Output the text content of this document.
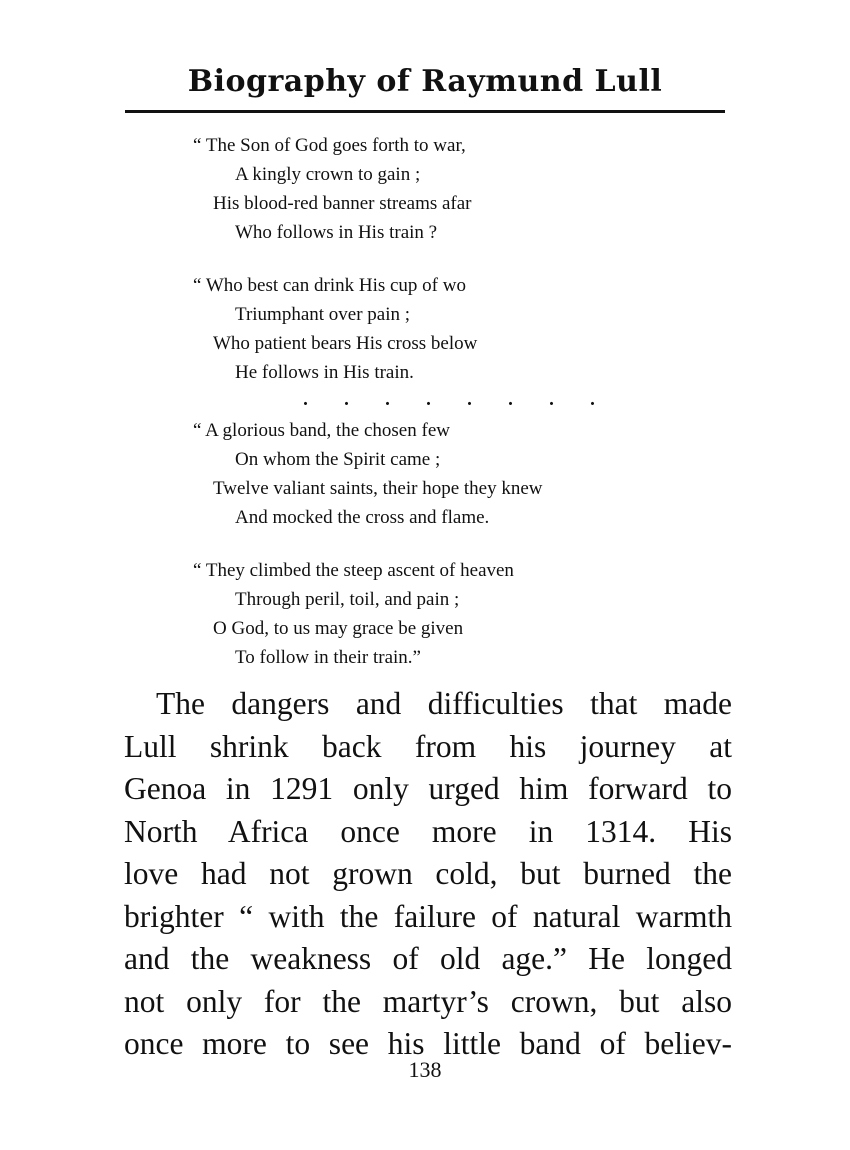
Biography of Raymund Lull
“ The Son of God goes forth to war,
A kingly crown to gain ;
His blood-red banner streams afar
Who follows in His train ?
“ Who best can drink His cup of wo
Triumphant over pain ;
Who patient bears His cross below
He follows in His train.
. . . . . . . .
“ A glorious band, the chosen few
On whom the Spirit came ;
Twelve valiant saints, their hope they knew
And mocked the cross and flame.
“ They climbed the steep ascent of heaven
Through peril, toil, and pain ;
O God, to us may grace be given
To follow in their train.”
The dangers and difficulties that made
Lull shrink back from his journey at
Genoa in 1291 only urged him forward to
North Africa once more in 1314. His
love had not grown cold, but burned the
brighter “ with the failure of natural warmth
and the weakness of old age.” He longed
not only for the martyr’s crown, but also
once more to see his little band of believ-
138
